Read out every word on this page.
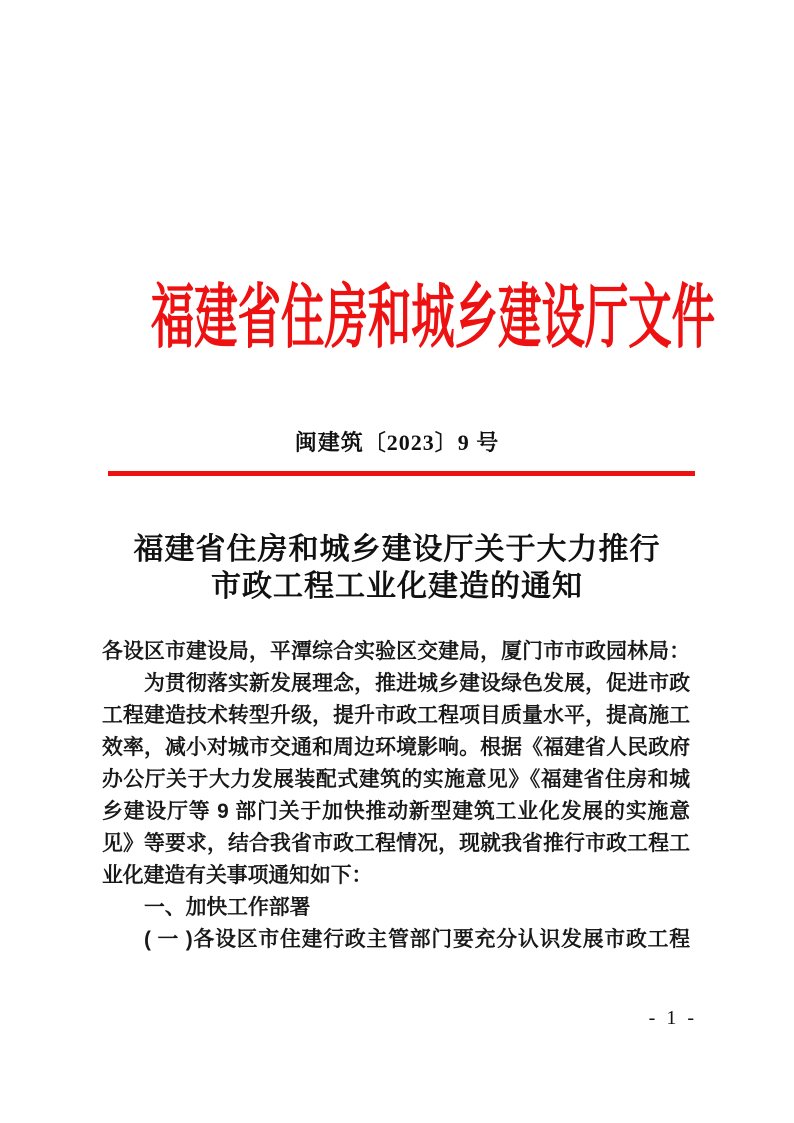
福建省住房和城乡建设厅文件
闽建筑〔2023〕9 号
福建省住房和城乡建设厅关于大力推行
市政工程工业化建造的通知
各设区市建设局，平潭综合实验区交建局，厦门市市政园林局：
为贯彻落实新发展理念，推进城乡建设绿色发展，促进市政
工程建造技术转型升级，提升市政工程项目质量水平，提高施工
效率，减小对城市交通和周边环境影响。根据《福建省人民政府
办公厅关于大力发展装配式建筑的实施意见》《福建省住房和城
乡建设厅等 9 部门关于加快推动新型建筑工业化发展的实施意
见》等要求，结合我省市政工程情况，现就我省推行市政工程工
业化建造有关事项通知如下：
一、加快工作部署
( 一 )各设区市住建行政主管部门要充分认识发展市政工程
- 1 -
